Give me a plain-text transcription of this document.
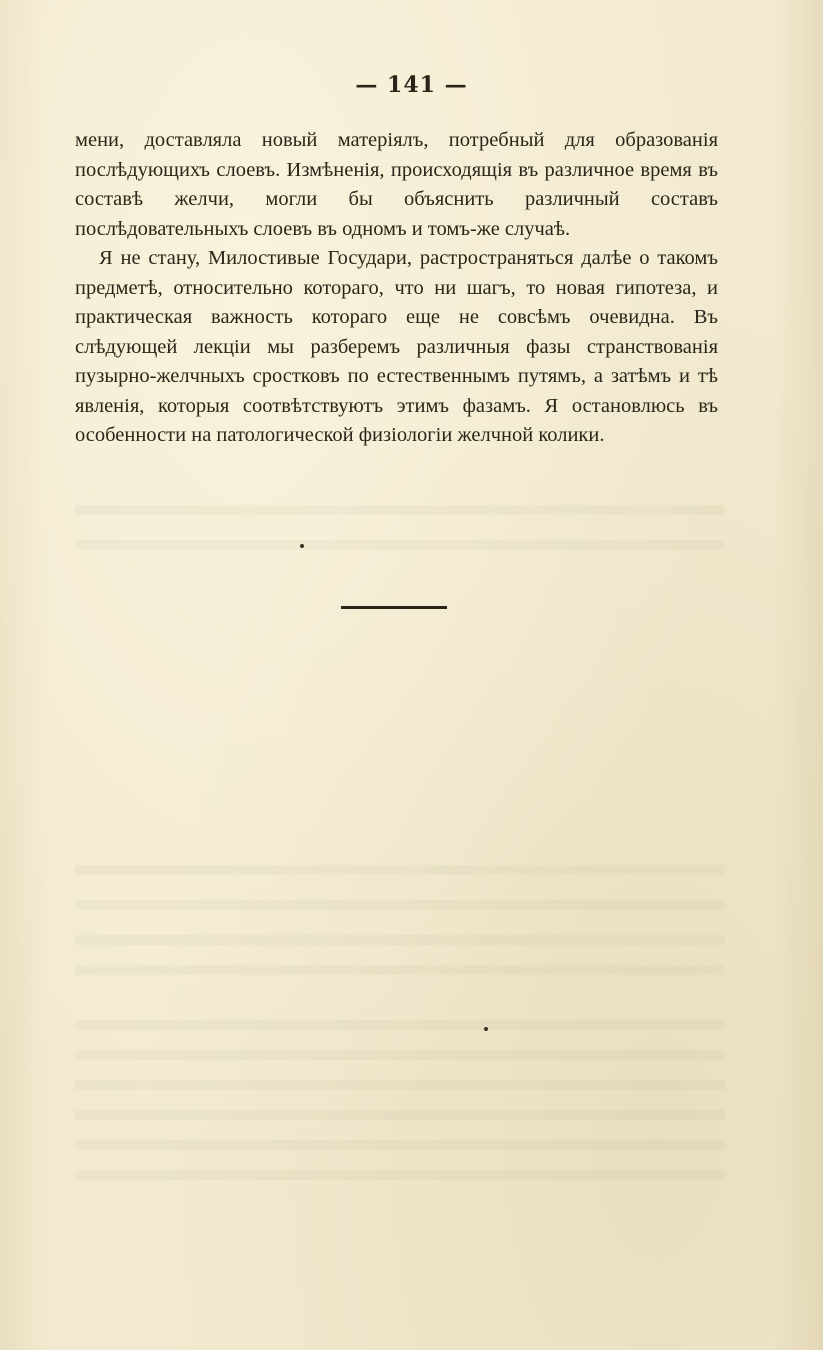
— 141 —

мени, доставляла новый матеріялъ, потребный для образованія послѣдующихъ слоевъ. Измѣненія, происходящія въ различное время въ составѣ желчи, могли бы объяснить различный составъ послѣдовательныхъ слоевъ въ одномъ и томъ-же случаѣ.

Я не стану, Милостивые Государи, растространяться далѣе о такомъ предметѣ, относительно котораго, что ни шагъ, то новая гипотеза, и практическая важность котораго еще не совсѣмъ очевидна. Въ слѣдующей лекціи мы разберемъ различныя фазы странствованія пузырно-желчныхъ сростковъ по естественнымъ путямъ, а затѣмъ и тѣ явленія, которыя соотвѣтствуютъ этимъ фазамъ. Я остановлюсь въ особенности на патологической физіологіи желчной колики.
